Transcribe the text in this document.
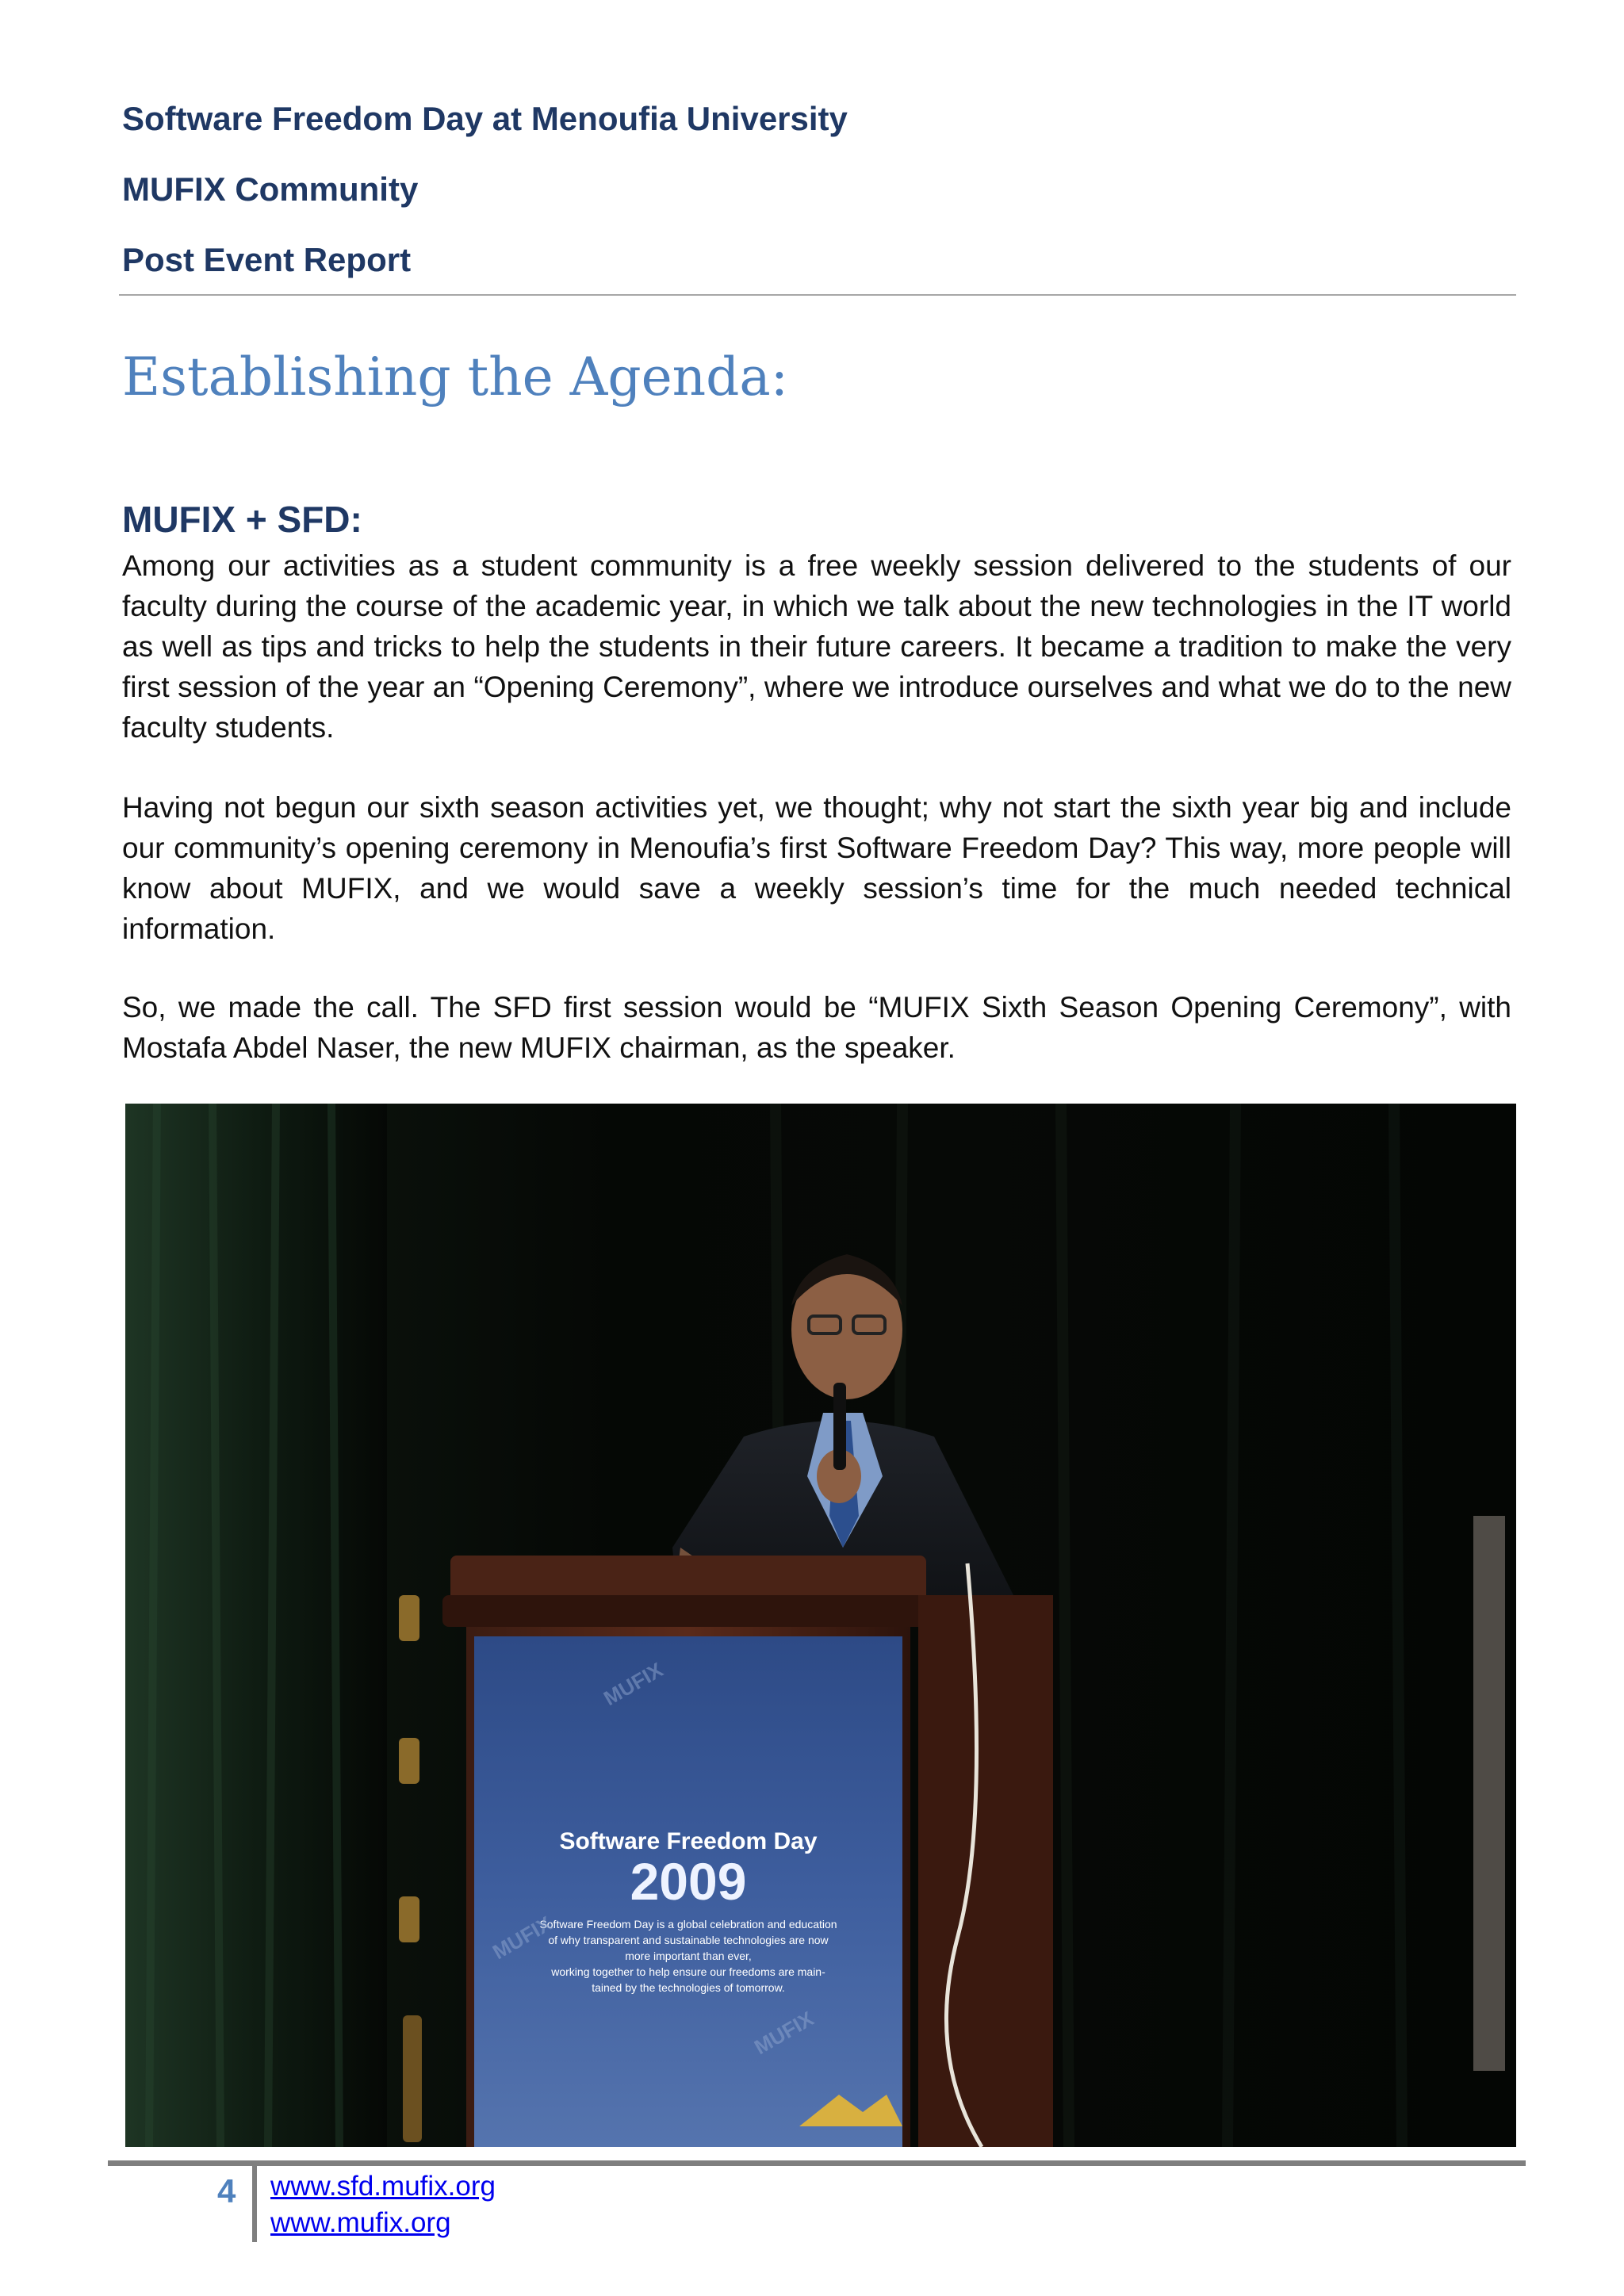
Software Freedom Day at Menoufia University
MUFIX Community
Post Event Report
Establishing the Agenda:
MUFIX + SFD:

Among our activities as a student community is a free weekly session delivered to the students of our faculty during the course of the academic year, in which we talk about the new technologies in the IT world as well as tips and tricks to help the students in their future careers. It became a tradition to make the very first session of the year an “Opening Ceremony”, where we introduce ourselves and what we do to the new faculty students.

Having not begun our sixth season activities yet, we thought; why not start the sixth year big and include our community’s opening ceremony in Menoufia’s first Software Freedom Day? This way, more people will know about MUFIX, and we would save a weekly session’s time for the much needed technical information.

So, we made the call. The SFD first session would be “MUFIX Sixth Season Opening Ceremony”, with Mostafa Abdel Naser, the new MUFIX chairman, as the speaker.

Software Freedom Day
2009
Software Freedom Day is a global celebration and education
of why transparent and sustainable technologies are now
more important than ever,
working together to help ensure our freedoms are main-
tained by the technologies of tomorrow.
MUFIX
MUFIX
MUFIX
4 www.sfd.mufix.org
www.mufix.org
